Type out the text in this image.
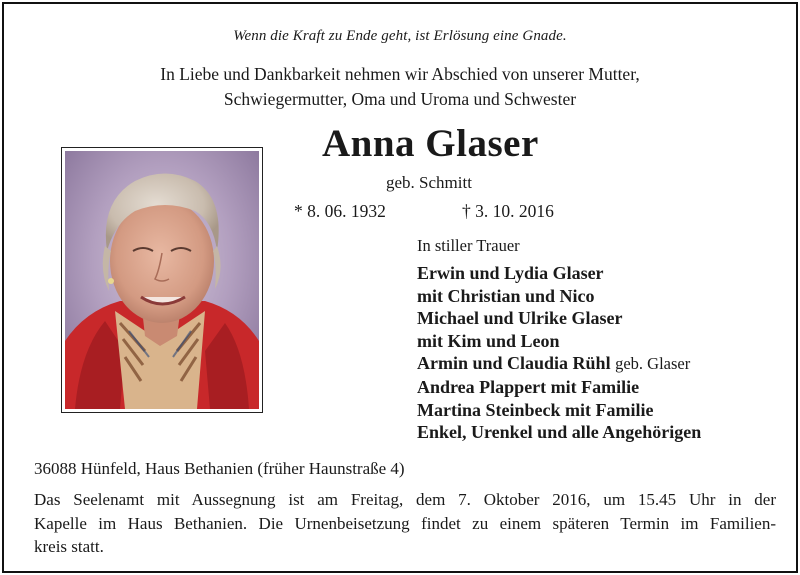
Wenn die Kraft zu Ende geht, ist Erlösung eine Gnade.
In Liebe und Dankbarkeit nehmen wir Abschied von unserer Mutter,
Schwiegermutter, Oma und Uroma und Schwester
Anna Glaser
geb. Schmitt
* 8. 06. 1932	† 3. 10. 2016
In stiller Trauer
Erwin und Lydia Glaser
mit Christian und Nico
Michael und Ulrike Glaser
mit Kim und Leon
Armin und Claudia Rühl geb. Glaser
Andrea Plappert mit Familie
Martina Steinbeck mit Familie
Enkel, Urenkel und alle Angehörigen
36088 Hünfeld, Haus Bethanien (früher Haunstraße 4)
Das Seelenamt mit Aussegnung ist am Freitag, dem 7. Oktober 2016, um 15.45 Uhr in der
Kapelle im Haus Bethanien. Die Urnenbeisetzung findet zu einem späteren Termin im Familien-
kreis statt.
